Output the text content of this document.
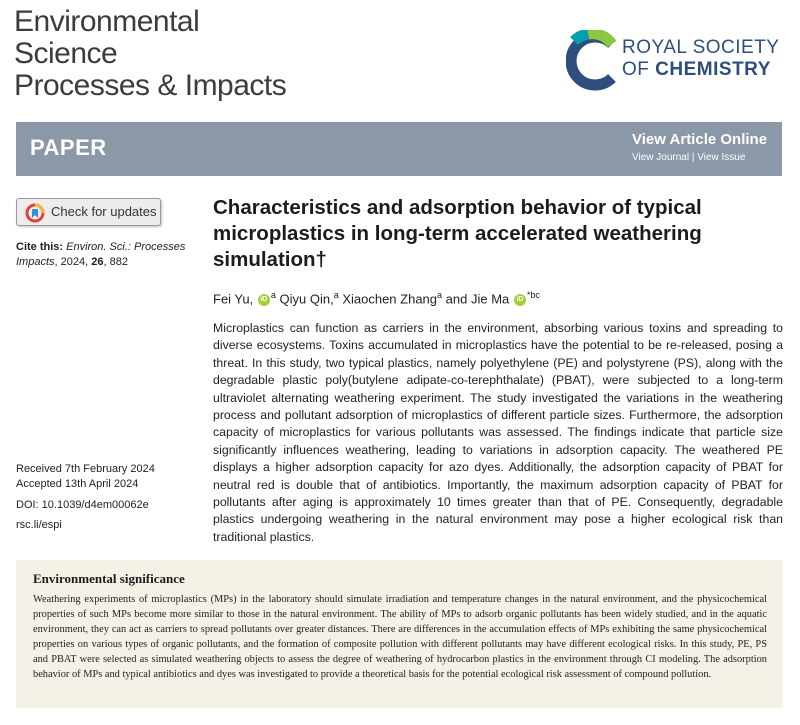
Environmental
Science
Processes & Impacts
ROYAL SOCIETY
OF CHEMISTRY
PAPER	View Article Online
View Journal | View Issue
Check for updates
Cite this: Environ. Sci.: Processes Impacts, 2024, 26, 882
Characteristics and adsorption behavior of typical microplastics in long-term accelerated weathering simulation†
Fei Yu, iD $^a$ Qiyu Qin,$^a$ Xiaochen Zhang$^a$ and Jie Ma iD $^{*bc}$
Microplastics can function as carriers in the environment, absorbing various toxins and spreading to diverse ecosystems. Toxins accumulated in microplastics have the potential to be re-released, posing a threat. In this study, two typical plastics, namely polyethylene (PE) and polystyrene (PS), along with the degradable plastic poly(butylene adipate-co-terephthalate) (PBAT), were subjected to a long-term ultraviolet alternating weathering experiment. The study investigated the variations in the weathering process and pollutant adsorption of microplastics of different particle sizes. Furthermore, the adsorption capacity of microplastics for various pollutants was assessed. The findings indicate that particle size significantly influences weathering, leading to variations in adsorption capacity. The weathered PE displays a higher adsorption capacity for azo dyes. Additionally, the adsorption capacity of PBAT for neutral red is double that of antibiotics. Importantly, the maximum adsorption capacity of PBAT for pollutants after aging is approximately 10 times greater than that of PE. Consequently, degradable plastics undergoing weathering in the natural environment may pose a higher ecological risk than traditional plastics.
Received 7th February 2024
Accepted 13th April 2024
DOI: 10.1039/d4em00062e
rsc.li/espi
Environmental significance
Weathering experiments of microplastics (MPs) in the laboratory should simulate irradiation and temperature changes in the natural environment, and the physicochemical properties of such MPs become more similar to those in the natural environment. The ability of MPs to adsorb organic pollutants has been widely studied, and in the aquatic environment, they can act as carriers to spread pollutants over greater distances. There are differences in the accumulation effects of MPs exhibiting the same physicochemical properties on various types of organic pollutants, and the formation of composite pollution with different pollutants may have different ecological risks. In this study, PE, PS and PBAT were selected as simulated weathering objects to assess the degree of weathering of hydrocarbon plastics in the environment through CI modeling. The adsorption behavior of MPs and typical antibiotics and dyes was investigated to provide a theoretical basis for the potential ecological risk assessment of compound pollution.
